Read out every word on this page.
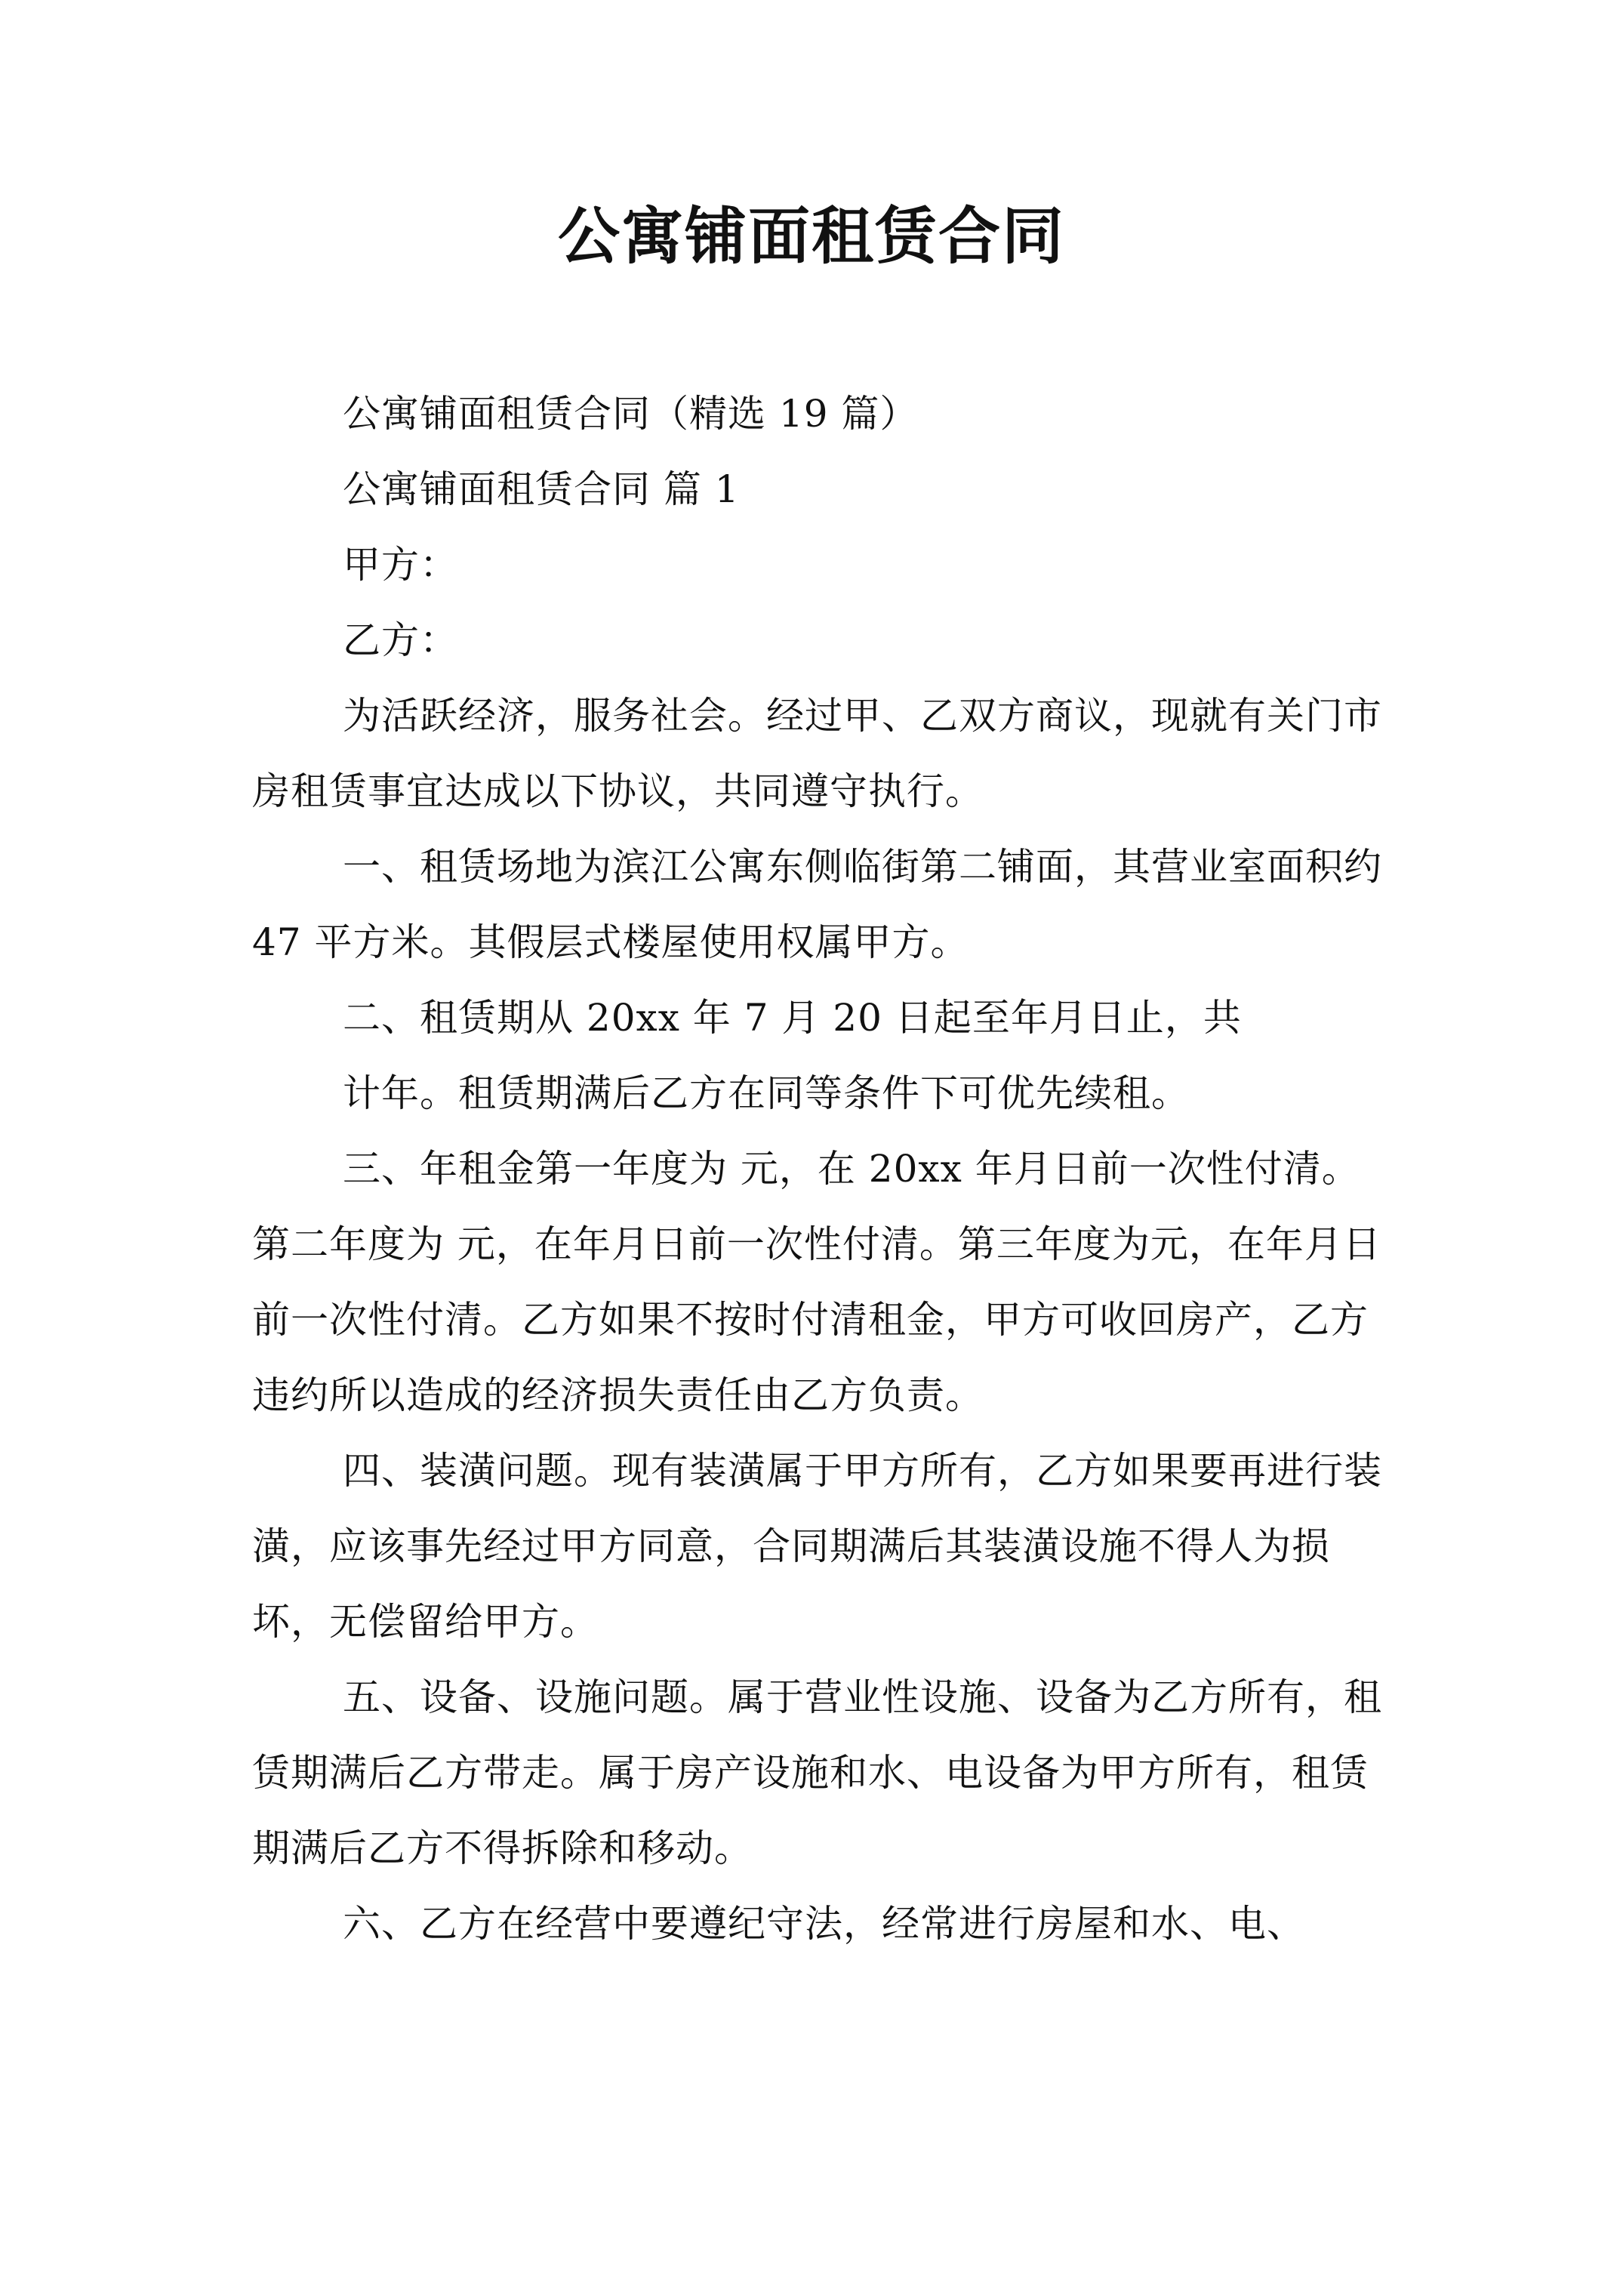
公寓铺面租赁合同

公寓铺面租赁合同（精选 19 篇）

公寓铺面租赁合同 篇 1

甲方：

乙方：

为活跃经济，服务社会。经过甲、乙双方商议，现就有关门市房租赁事宜达成以下协议，共同遵守执行。

一、租赁场地为滨江公寓东侧临街第二铺面，其营业室面积约 47 平方米。其假层式楼屋使用权属甲方。

二、租赁期从 20xx 年 7 月 20 日起至年月日止，共

计年。租赁期满后乙方在同等条件下可优先续租。

三、年租金第一年度为 元，在 20xx 年月日前一次性付清。第二年度为 元，在年月日前一次性付清。第三年度为元，在年月日前一次性付清。乙方如果不按时付清租金，甲方可收回房产，乙方违约所以造成的经济损失责任由乙方负责。

四、装潢问题。现有装潢属于甲方所有，乙方如果要再进行装潢，应该事先经过甲方同意，合同期满后其装潢设施不得人为损坏，无偿留给甲方。

五、设备、设施问题。属于营业性设施、设备为乙方所有，租赁期满后乙方带走。属于房产设施和水、电设备为甲方所有，租赁期满后乙方不得拆除和移动。

六、乙方在经营中要遵纪守法，经常进行房屋和水、电、
